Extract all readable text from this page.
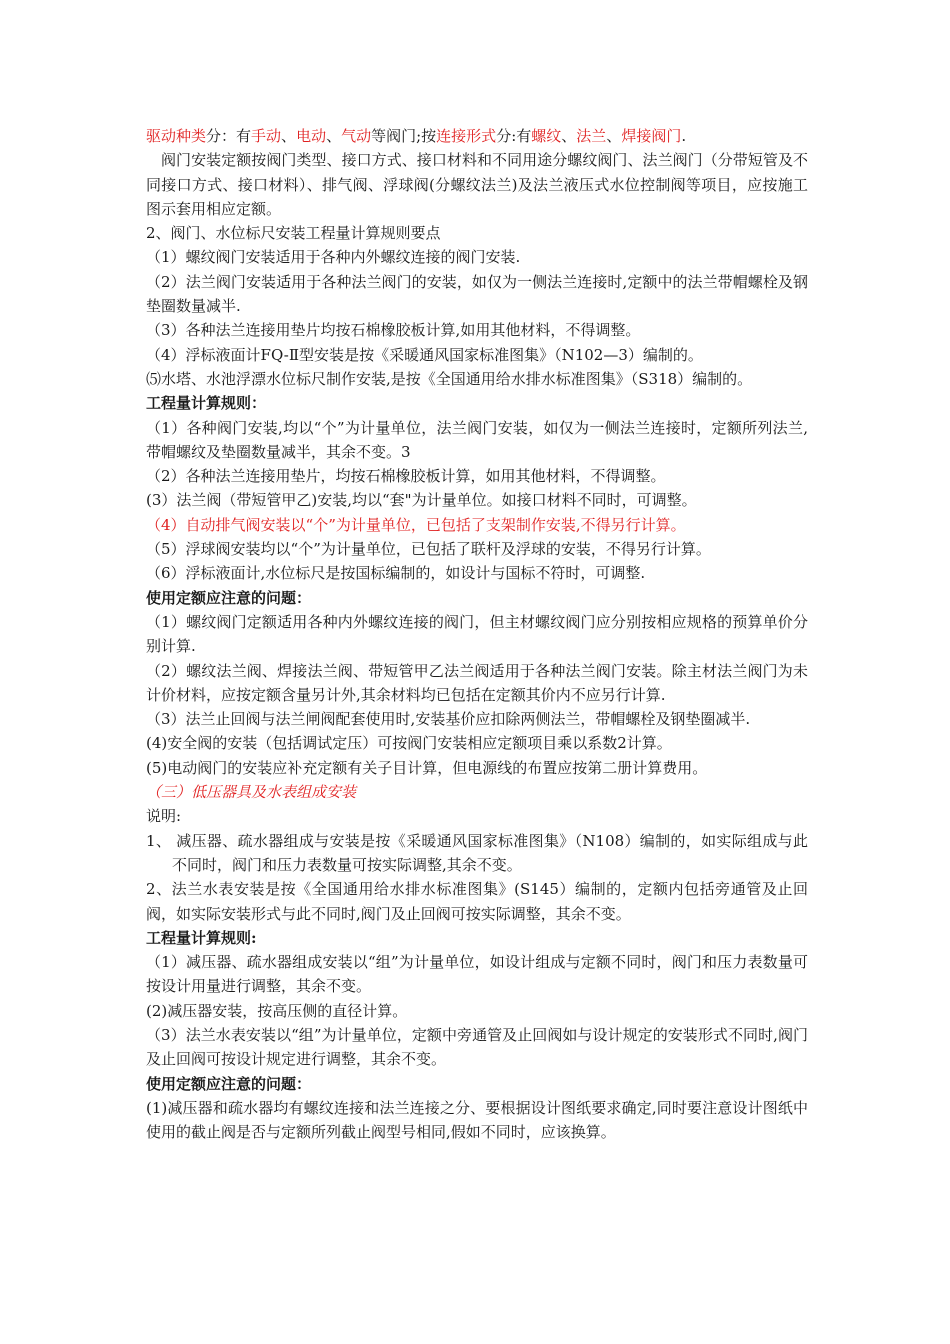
驱动种类分：有手动、电动、气动等阀门;按连接形式分:有螺纹、法兰、焊接阀门.

阀门安装定额按阀门类型、接口方式、接口材料和不同用途分螺纹阀门、法兰阀门（分带短管及不同接口方式、接口材料）、排气阀、浮球阀(分螺纹法兰)及法兰液压式水位控制阀等项目，应按施工图示套用相应定额。

2、阀门、水位标尺安装工程量计算规则要点

（1）螺纹阀门安装适用于各种内外螺纹连接的阀门安装.

（2）法兰阀门安装适用于各种法兰阀门的安装，如仅为一侧法兰连接时,定额中的法兰带帽螺栓及钢垫圈数量减半.

（3）各种法兰连接用垫片均按石棉橡胶板计算,如用其他材料，不得调整。

（4）浮标液面计FQ-Ⅱ型安装是按《采暖通风国家标准图集》（N102—3）编制的。

⑸水塔、水池浮漂水位标尺制作安装,是按《全国通用给水排水标准图集》（S318）编制的。

工程量计算规则：

（1）各种阀门安装,均以“个”为计量单位，法兰阀门安装，如仅为一侧法兰连接时，定额所列法兰,带帽螺纹及垫圈数量减半，其余不变。3

（2）各种法兰连接用垫片，均按石棉橡胶板计算，如用其他材料，不得调整。

(3）法兰阀（带短管甲乙)安装,均以“套"为计量单位。如接口材料不同时，可调整。

（4）自动排气阀安装以“个”为计量单位，已包括了支架制作安装,不得另行计算。

（5）浮球阀安装均以“个”为计量单位，已包括了联杆及浮球的安装，不得另行计算。

（6）浮标液面计,水位标尺是按国标编制的，如设计与国标不符时，可调整.

使用定额应注意的问题：

（1）螺纹阀门定额适用各种内外螺纹连接的阀门，但主材螺纹阀门应分别按相应规格的预算单价分别计算.

（2）螺纹法兰阀、焊接法兰阀、带短管甲乙法兰阀适用于各种法兰阀门安装。除主材法兰阀门为未计价材料，应按定额含量另计外,其余材料均已包括在定额其价内不应另行计算.

（3）法兰止回阀与法兰闸阀配套使用时,安装基价应扣除两侧法兰，带帽螺栓及钢垫圈减半.

(4)安全阀的安装（包括调试定压）可按阀门安装相应定额项目乘以系数2计算。

(5)电动阀门的安装应补充定额有关子目计算，但电源线的布置应按第二册计算费用。

（三）低压器具及水表组成安装

说明:

1、 减压器、疏水器组成与安装是按《采暖通风国家标准图集》（N108）编制的，如实际组成与此不同时，阀门和压力表数量可按实际调整,其余不变。

2、法兰水表安装是按《全国通用给水排水标准图集》(S145）编制的，定额内包括旁通管及止回阀，如实际安装形式与此不同时,阀门及止回阀可按实际调整，其余不变。

工程量计算规则:

（1）减压器、疏水器组成安装以“组”为计量单位，如设计组成与定额不同时，阀门和压力表数量可按设计用量进行调整，其余不变。

(2)减压器安装，按高压侧的直径计算。

（3）法兰水表安装以“组”为计量单位，定额中旁通管及止回阀如与设计规定的安装形式不同时,阀门及止回阀可按设计规定进行调整，其余不变。

使用定额应注意的问题：

(1)减压器和疏水器均有螺纹连接和法兰连接之分、要根据设计图纸要求确定,同时要注意设计图纸中使用的截止阀是否与定额所列截止阀型号相同,假如不同时，应该换算。
